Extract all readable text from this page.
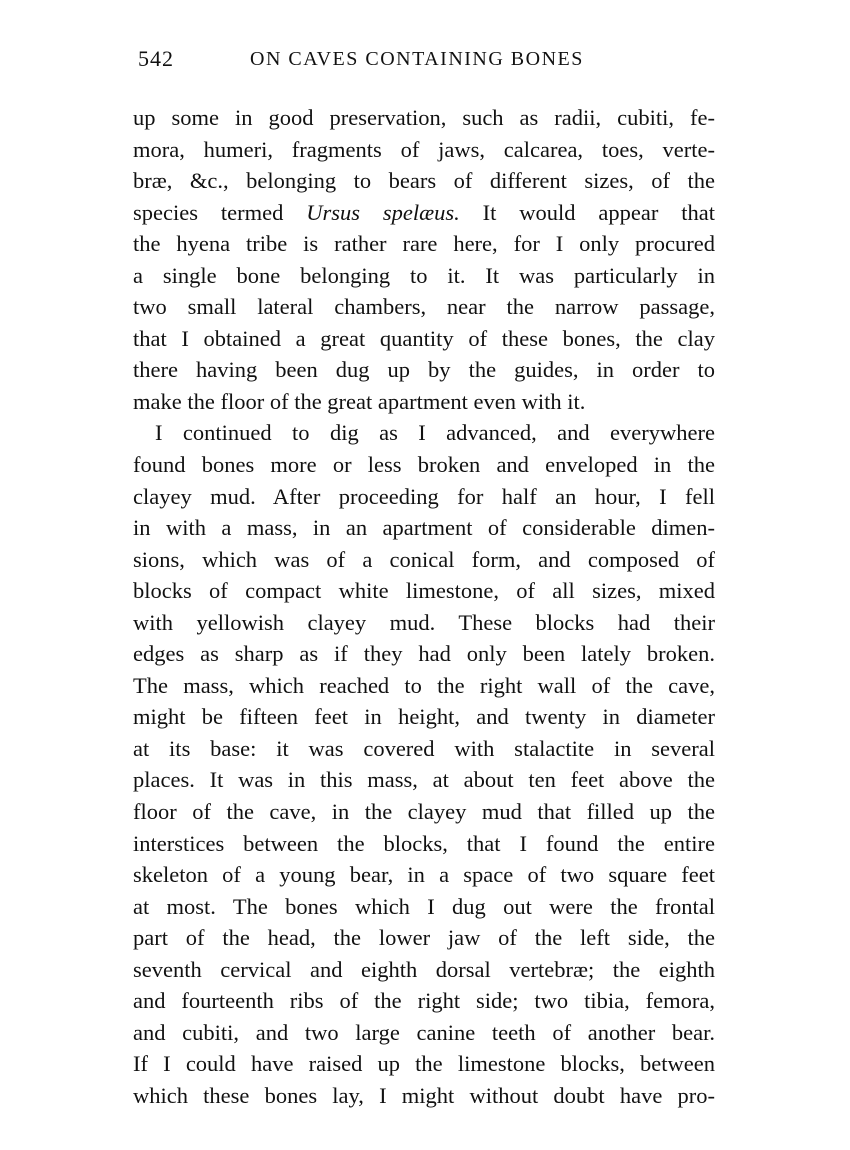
542	ON CAVES CONTAINING BONES
up some in good preservation, such as radii, cubiti, fe-
mora, humeri, fragments of jaws, calcarea, toes, verte-
bræ, &c., belonging to bears of different sizes, of the
species termed Ursus spelæus. It would appear that
the hyena tribe is rather rare here, for I only procured
a single bone belonging to it. It was particularly in
two small lateral chambers, near the narrow passage,
that I obtained a great quantity of these bones, the clay
there having been dug up by the guides, in order to
make the floor of the great apartment even with it.
I continued to dig as I advanced, and everywhere
found bones more or less broken and enveloped in the
clayey mud. After proceeding for half an hour, I fell
in with a mass, in an apartment of considerable dimen-
sions, which was of a conical form, and composed of
blocks of compact white limestone, of all sizes, mixed
with yellowish clayey mud. These blocks had their
edges as sharp as if they had only been lately broken.
The mass, which reached to the right wall of the cave,
might be fifteen feet in height, and twenty in diameter
at its base: it was covered with stalactite in several
places. It was in this mass, at about ten feet above the
floor of the cave, in the clayey mud that filled up the
interstices between the blocks, that I found the entire
skeleton of a young bear, in a space of two square feet
at most. The bones which I dug out were the frontal
part of the head, the lower jaw of the left side, the
seventh cervical and eighth dorsal vertebræ; the eighth
and fourteenth ribs of the right side; two tibia, femora,
and cubiti, and two large canine teeth of another bear.
If I could have raised up the limestone blocks, between
which these bones lay, I might without doubt have pro-
